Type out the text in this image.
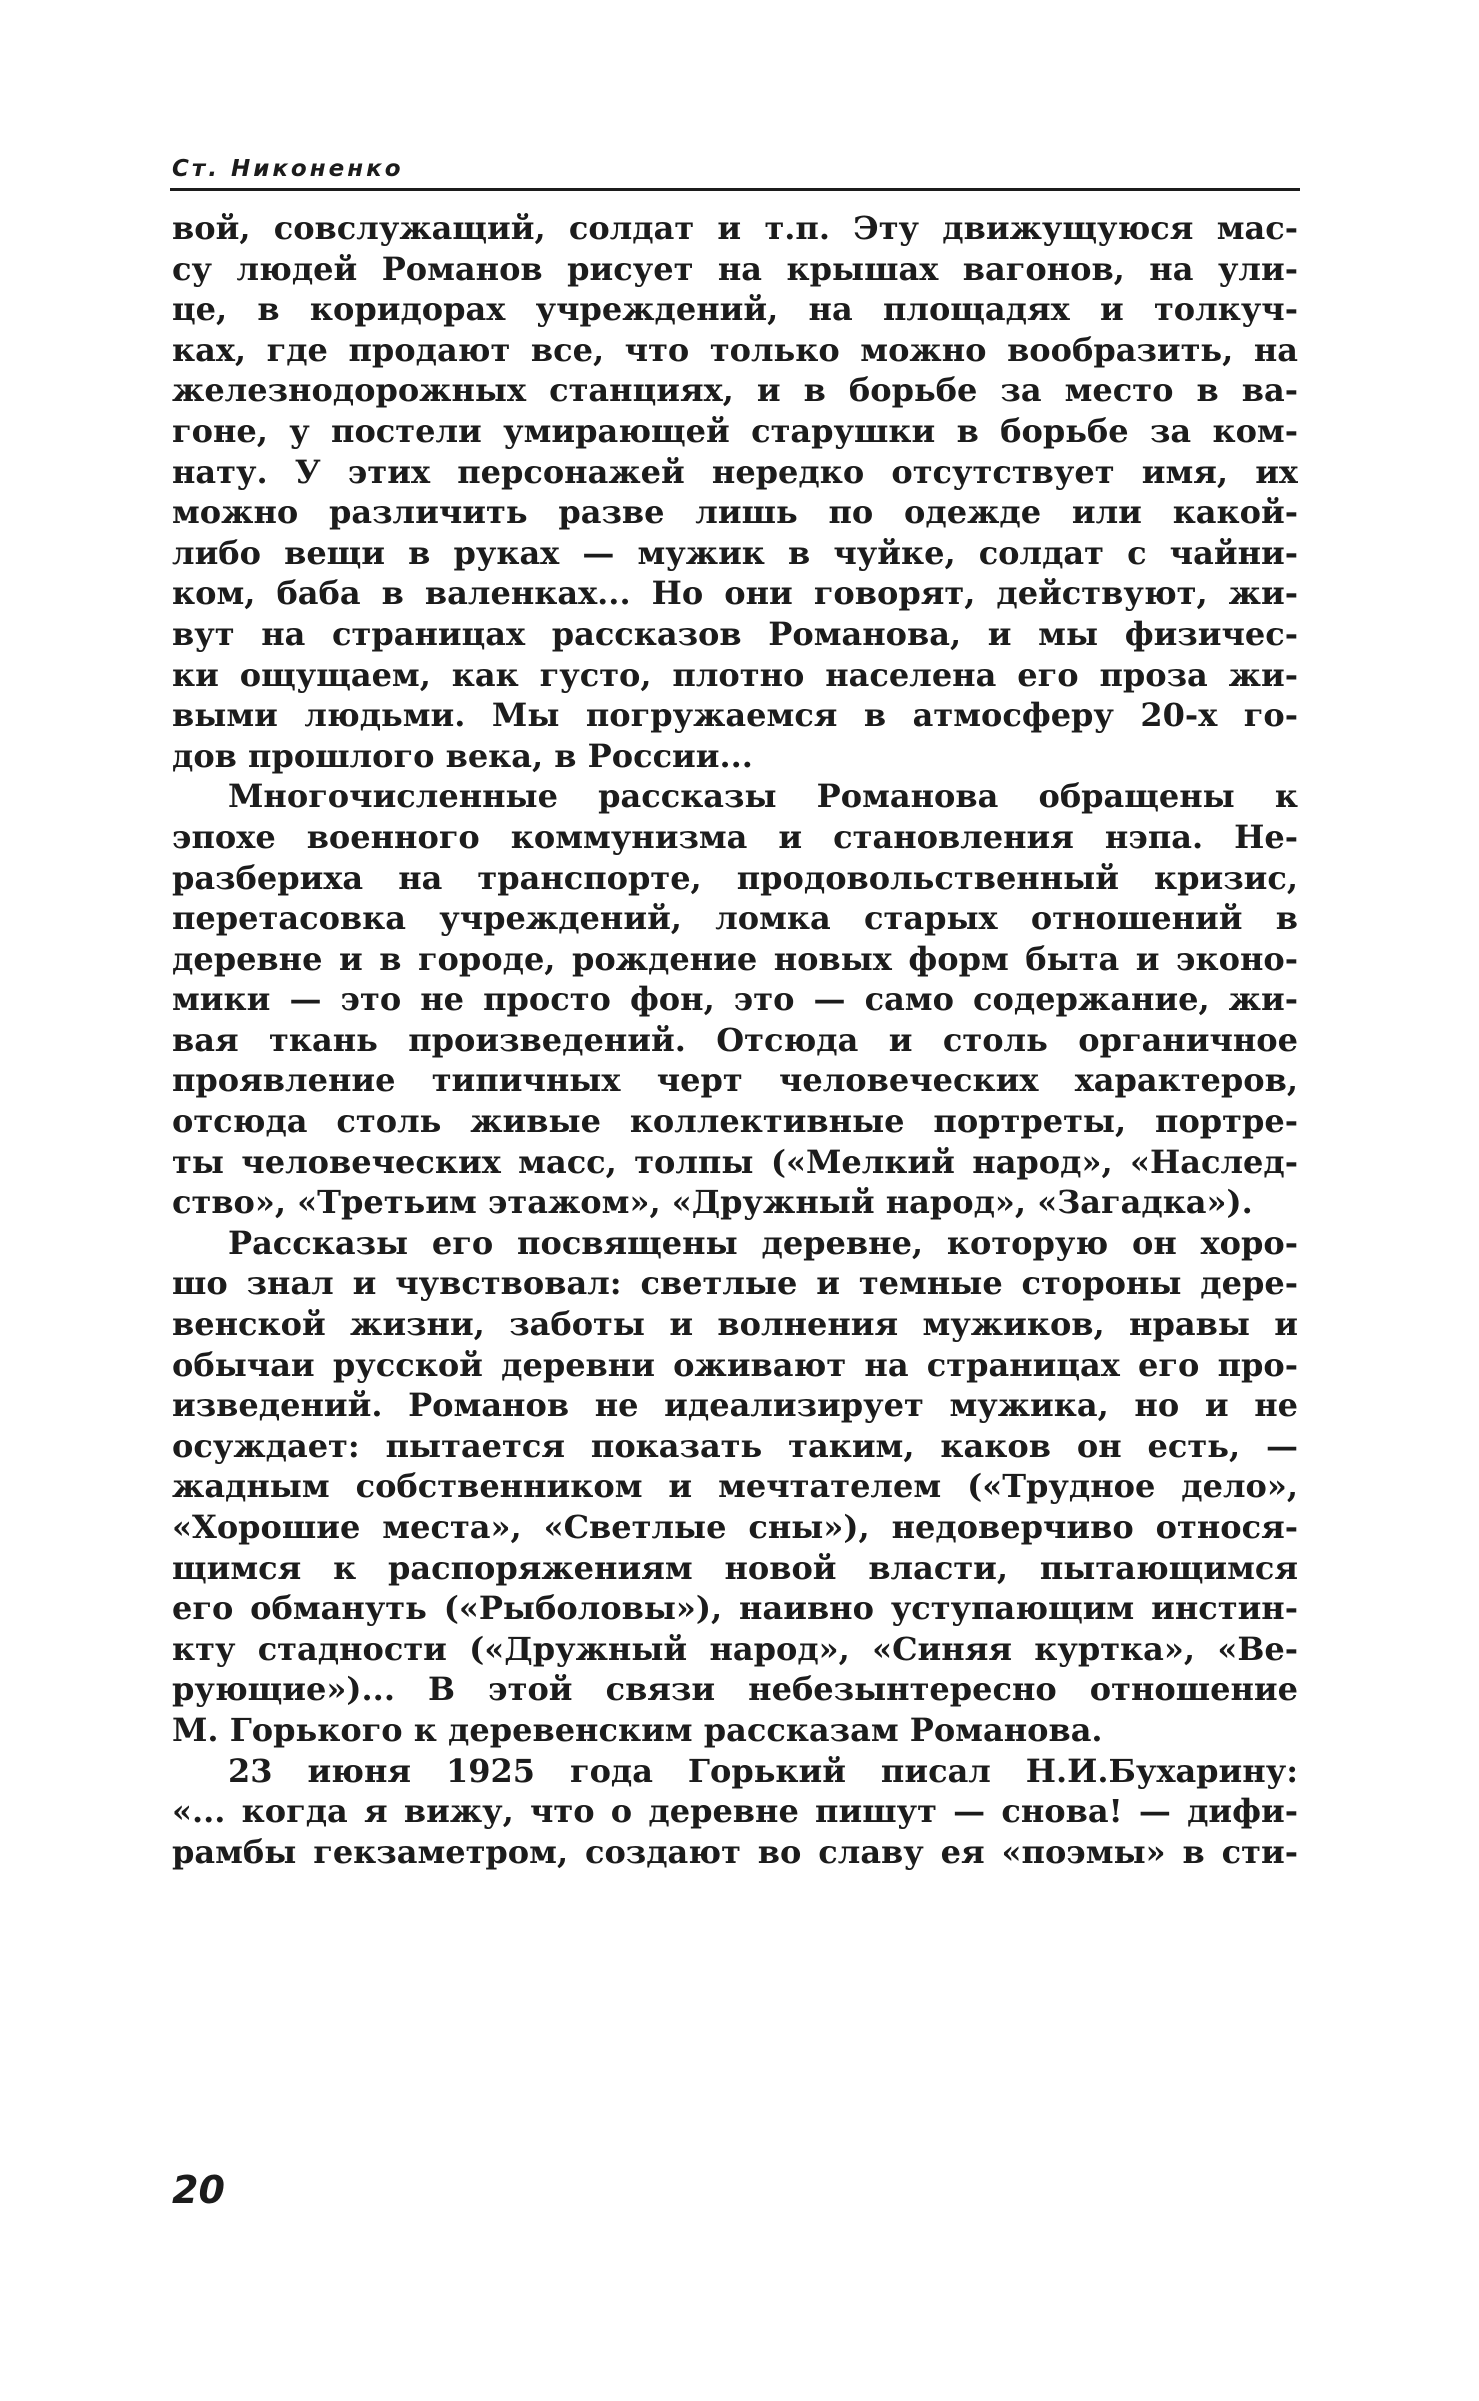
Ст. Никоненко
вой, совслужащий, солдат и т.п. Эту движущуюся мас-
су людей Романов рисует на крышах вагонов, на ули-
це, в коридорах учреждений, на площадях и толкуч-
ках, где продают все, что только можно вообразить, на
железнодорожных станциях, и в борьбе за место в ва-
гоне, у постели умирающей старушки в борьбе за ком-
нату. У этих персонажей нередко отсутствует имя, их
можно различить разве лишь по одежде или какой-
либо вещи в руках — мужик в чуйке, солдат с чайни-
ком, баба в валенках... Но они говорят, действуют, жи-
вут на страницах рассказов Романова, и мы физичес-
ки ощущаем, как густо, плотно населена его проза жи-
выми людьми. Мы погружаемся в атмосферу 20-х го-
дов прошлого века, в России...
Многочисленные рассказы Романова обращены к
эпохе военного коммунизма и становления нэпа. Не-
разбериха на транспорте, продовольственный кризис,
перетасовка учреждений, ломка старых отношений в
деревне и в городе, рождение новых форм быта и эконо-
мики — это не просто фон, это — само содержание, жи-
вая ткань произведений. Отсюда и столь органичное
проявление типичных черт человеческих характеров,
отсюда столь живые коллективные портреты, портре-
ты человеческих масс, толпы («Мелкий народ», «Наслед-
ство», «Третьим этажом», «Дружный народ», «Загадка»).
Рассказы его посвящены деревне, которую он хоро-
шо знал и чувствовал: светлые и темные стороны дере-
венской жизни, заботы и волнения мужиков, нравы и
обычаи русской деревни оживают на страницах его про-
изведений. Романов не идеализирует мужика, но и не
осуждает: пытается показать таким, каков он есть, —
жадным собственником и мечтателем («Трудное дело»,
«Хорошие места», «Светлые сны»), недоверчиво относя-
щимся к распоряжениям новой власти, пытающимся
его обмануть («Рыболовы»), наивно уступающим инстин-
кту стадности («Дружный народ», «Синяя куртка», «Ве-
рующие»)... В этой связи небезынтересно отношение
М. Горького к деревенским рассказам Романова.
23 июня 1925 года Горький писал Н.И.Бухарину:
«... когда я вижу, что о деревне пишут — снова! — дифи-
рамбы гекзаметром, создают во славу ея «поэмы» в сти-
20
